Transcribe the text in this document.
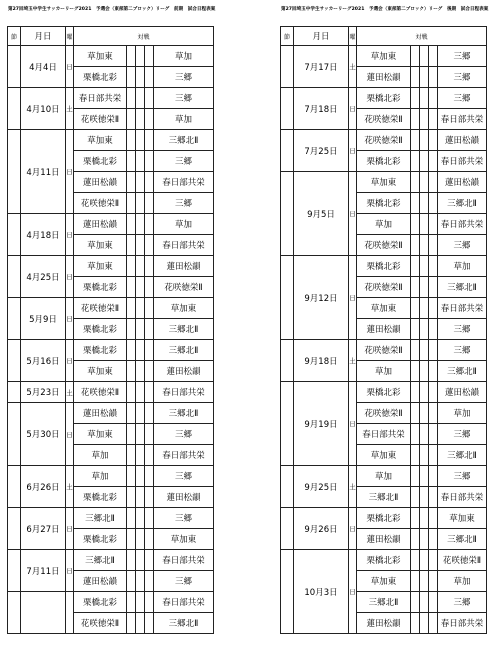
第27回埼玉中学生サッカーリーグ2021　予選会（東部第二ブロック）リーグ　前期　試合日程表案	第27回埼玉中学生サッカーリーグ2021　予選会（東部第二ブロック）リーグ　後期　試合日程表案
節	月日	曜	対戦				
	4月4日	日	草加東				草加
			栗橋北彩				三郷
	4月10日	土	春日部共栄				三郷
			花咲徳栄Ⅱ				草加
	4月11日	日	草加東				三郷北Ⅱ
			栗橋北彩				三郷
			蓮田松韻				春日部共栄
			花咲徳栄Ⅱ				三郷
	4月18日	日	蓮田松韻				草加
			草加東				春日部共栄
	4月25日	日	草加東				蓮田松韻
			栗橋北彩				花咲徳栄Ⅱ
	5月9日	日	花咲徳栄Ⅱ				草加東
			栗橋北彩				三郷北Ⅱ
	5月16日	日	栗橋北彩				三郷北Ⅱ
			草加東				蓮田松韻
	5月23日	土	花咲徳栄Ⅱ				春日部共栄
	5月30日	日	蓮田松韻				三郷北Ⅱ
			草加東				三郷
			草加				春日部共栄
	6月26日	土	草加				三郷
			栗橋北彩				蓮田松韻
	6月27日	日	三郷北Ⅱ				三郷
			栗橋北彩				草加東
	7月11日	日	三郷北Ⅱ				春日部共栄
			蓮田松韻				三郷
			栗橋北彩				春日部共栄
			花咲徳栄Ⅱ				三郷北Ⅱ
節	月日	曜	対戦				
	7月17日	土	草加東				三郷
			蓮田松韻				三郷
	7月18日	日	栗橋北彩				三郷
			花咲徳栄Ⅱ				春日部共栄
	7月25日	日	花咲徳栄Ⅱ				蓮田松韻
			栗橋北彩				春日部共栄
	9月5日	日	草加東				蓮田松韻
			栗橋北彩				三郷北Ⅱ
			草加				春日部共栄
			花咲徳栄Ⅱ				三郷
	9月12日	日	栗橋北彩				草加
			花咲徳栄Ⅱ				三郷北Ⅱ
			草加東				春日部共栄
			蓮田松韻				三郷
	9月18日	土	花咲徳栄Ⅱ				三郷
			草加				三郷北Ⅱ
	9月19日	日	栗橋北彩				蓮田松韻
			花咲徳栄Ⅱ				草加
			春日部共栄				三郷
			草加東				三郷北Ⅱ
	9月25日	土	草加				三郷
			三郷北Ⅱ				春日部共栄
	9月26日	日	栗橋北彩				草加東
			蓮田松韻				三郷北Ⅱ
	10月3日	日	栗橋北彩				花咲徳栄Ⅱ
			草加東				草加
			三郷北Ⅱ				三郷
			蓮田松韻				春日部共栄
